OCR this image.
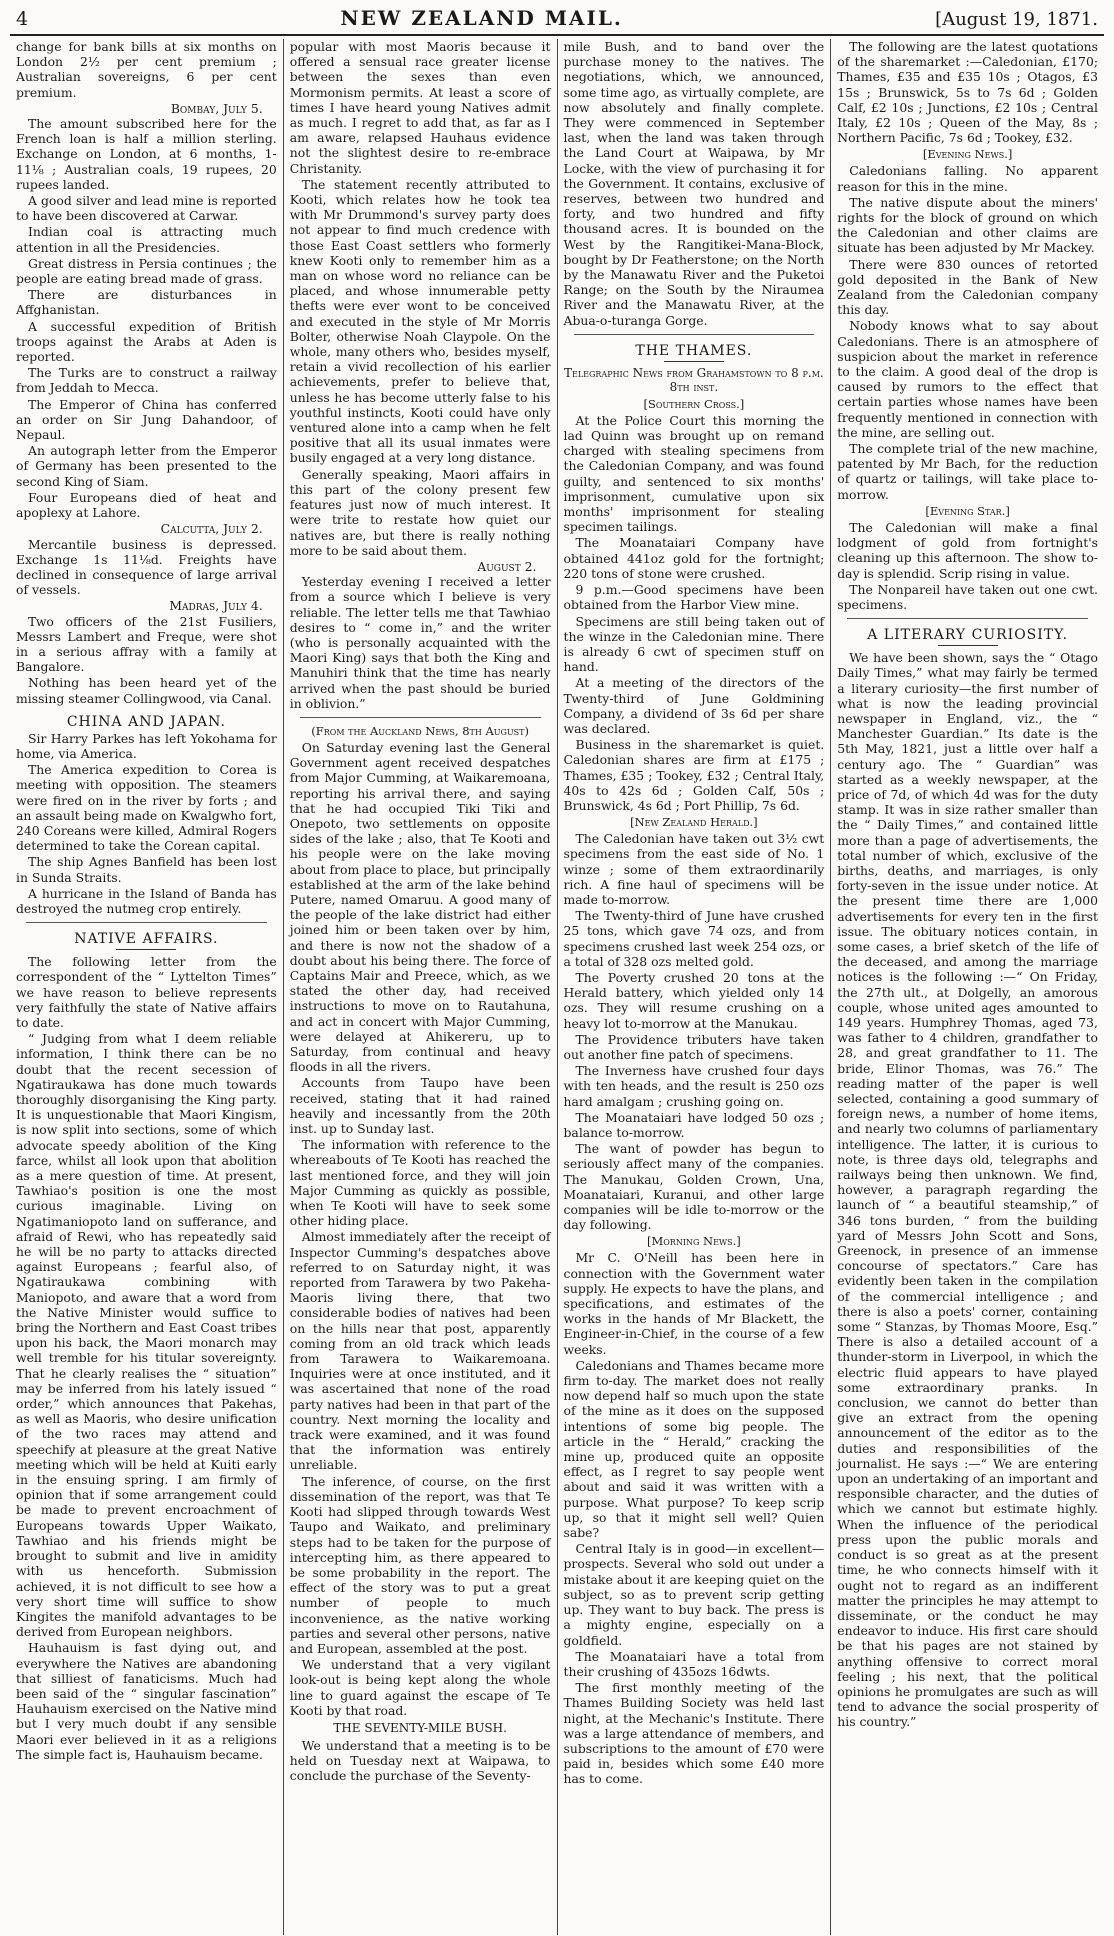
4	NEW ZEALAND MAIL.	[August 19, 1871.

change for bank bills at six months on London 2½ per cent premium ; Australian sovereigns, 6 per cent premium.

Bombay, July 5.

The amount subscribed here for the French loan is half a million sterling. Exchange on London, at 6 months, 1-11⅛ ; Australian coals, 19 rupees, 20 rupees landed.

A good silver and lead mine is reported to have been discovered at Carwar.

Indian coal is attracting much attention in all the Presidencies.

Great distress in Persia continues ; the people are eating bread made of grass.

There are disturbances in Affghanistan.

A successful expedition of British troops against the Arabs at Aden is reported.

The Turks are to construct a railway from Jeddah to Mecca.

The Emperor of China has conferred an order on Sir Jung Dahandoor, of Nepaul.

An autograph letter from the Emperor of Germany has been presented to the second King of Siam.

Four Europeans died of heat and apoplexy at Lahore.

Calcutta, July 2.

Mercantile business is depressed. Exchange 1s 11⅛d. Freights have declined in consequence of large arrival of vessels.

Madras, July 4.

Two officers of the 21st Fusiliers, Messrs Lambert and Freque, were shot in a serious affray with a family at Bangalore.

Nothing has been heard yet of the missing steamer Collingwood, via Canal.

CHINA AND JAPAN.

Sir Harry Parkes has left Yokohama for home, via America.

The America expedition to Corea is meeting with opposition. The steamers were fired on in the river by forts ; and an assault being made on Kwalgwho fort, 240 Coreans were killed, Admiral Rogers determined to take the Corean capital.

The ship Agnes Banfield has been lost in Sunda Straits.

A hurricane in the Island of Banda has destroyed the nutmeg crop entirely.

NATIVE AFFAIRS.

The following letter from the correspondent of the “ Lyttelton Times” we have reason to believe represents very faithfully the state of Native affairs to date.

“ Judging from what I deem reliable information, I think there can be no doubt that the recent secession of Ngatiraukawa has done much towards thoroughly disorganising the King party. It is unquestionable that Maori Kingism, is now split into sections, some of which advocate speedy abolition of the King farce, whilst all look upon that abolition as a mere question of time. At present, Tawhiao's position is one the most curious imaginable. Living on Ngatimaniopoto land on sufferance, and afraid of Rewi, who has repeatedly said he will be no party to attacks directed against Europeans ; fearful also, of Ngatiraukawa combining with Maniopoto, and aware that a word from the Native Minister would suffice to bring the Northern and East Coast tribes upon his back, the Maori monarch may well tremble for his titular sovereignty. That he clearly realises the “ situation” may be inferred from his lately issued “ order,” which announces that Pakehas, as well as Maoris, who desire unification of the two races may attend and speechify at pleasure at the great Native meeting which will be held at Kuiti early in the ensuing spring. I am firmly of opinion that if some arrangement could be made to prevent encroachment of Europeans towards Upper Waikato, Tawhiao and his friends might be brought to submit and live in amidity with us henceforth. Submission achieved, it is not difficult to see how a very short time will suffice to show Kingites the manifold advantages to be derived from European neighbors.

Hauhauism is fast dying out, and everywhere the Natives are abandoning that silliest of fanaticisms. Much had been said of the “ singular fascination” Hauhauism exercised on the Native mind but I very much doubt if any sensible Maori ever believed in it as a religions The simple fact is, Hauhauism became.

popular with most Maoris because it offered a sensual race greater license between the sexes than even Mormonism permits. At least a score of times I have heard young Natives admit as much. I regret to add that, as far as I am aware, relapsed Hauhaus evidence not the slightest desire to re-embrace Christanity.

The statement recently attributed to Kooti, which relates how he took tea with Mr Drummond's survey party does not appear to find much credence with those East Coast settlers who formerly knew Kooti only to remember him as a man on whose word no reliance can be placed, and whose innumerable petty thefts were ever wont to be conceived and executed in the style of Mr Morris Bolter, otherwise Noah Claypole. On the whole, many others who, besides myself, retain a vivid recollection of his earlier achievements, prefer to believe that, unless he has become utterly false to his youthful instincts, Kooti could have only ventured alone into a camp when he felt positive that all its usual inmates were busily engaged at a very long distance.

Generally speaking, Maori affairs in this part of the colony present few features just now of much interest. It were trite to restate how quiet our natives are, but there is really nothing more to be said about them.

August 2.

Yesterday evening I received a letter from a source which I believe is very reliable. The letter tells me that Tawhiao desires to “ come in,” and the writer (who is personally acquainted with the Maori King) says that both the King and Manuhiri think that the time has nearly arrived when the past should be buried in oblivion.”

(From the Auckland News, 8th August)

On Saturday evening last the General Government agent received despatches from Major Cumming, at Waikaremoana, reporting his arrival there, and saying that he had occupied Tiki Tiki and Onepoto, two settlements on opposite sides of the lake ; also, that Te Kooti and his people were on the lake moving about from place to place, but principally established at the arm of the lake behind Putere, named Omaruu. A good many of the people of the lake district had either joined him or been taken over by him, and there is now not the shadow of a doubt about his being there. The force of Captains Mair and Preece, which, as we stated the other day, had received instructions to move on to Rautahuna, and act in concert with Major Cumming, were delayed at Ahikereru, up to Saturday, from continual and heavy floods in all the rivers.

Accounts from Taupo have been received, stating that it had rained heavily and incessantly from the 20th inst. up to Sunday last.

The information with reference to the whereabouts of Te Kooti has reached the last mentioned force, and they will join Major Cumming as quickly as possible, when Te Kooti will have to seek some other hiding place.

Almost immediately after the receipt of Inspector Cumming's despatches above referred to on Saturday night, it was reported from Tarawera by two Pakeha-Maoris living there, that two considerable bodies of natives had been on the hills near that post, apparently coming from an old track which leads from Tarawera to Waikaremoana. Inquiries were at once instituted, and it was ascertained that none of the road party natives had been in that part of the country. Next morning the locality and track were examined, and it was found that the information was entirely unreliable.

The inference, of course, on the first dissemination of the report, was that Te Kooti had slipped through towards West Taupo and Waikato, and preliminary steps had to be taken for the purpose of intercepting him, as there appeared to be some probability in the report. The effect of the story was to put a great number of people to much inconvenience, as the native working parties and several other persons, native and European, assembled at the post.

We understand that a very vigilant look-out is being kept along the whole line to guard against the escape of Te Kooti by that road.

THE SEVENTY-MILE BUSH.

We understand that a meeting is to be held on Tuesday next at Waipawa, to conclude the purchase of the Seventy-

mile Bush, and to band over the purchase money to the natives. The negotiations, which, we announced, some time ago, as virtually complete, are now absolutely and finally complete. They were commenced in September last, when the land was taken through the Land Court at Waipawa, by Mr Locke, with the view of purchasing it for the Government. It contains, exclusive of reserves, between two hundred and forty, and two hundred and fifty thousand acres. It is bounded on the West by the Rangitikei-Mana-Block, bought by Dr Featherstone; on the North by the Manawatu River and the Puketoi Range; on the South by the Niraumea River and the Manawatu River, at the Abua-o-turanga Gorge.

THE THAMES.
Telegraphic News from Grahamstown to 8 p.m. 8th inst.
[Southern Cross.]

At the Police Court this morning the lad Quinn was brought up on remand charged with stealing specimens from the Caledonian Company, and was found guilty, and sentenced to six months' imprisonment, cumulative upon six months' imprisonment for stealing specimen tailings.

The Moanataiari Company have obtained 441oz gold for the fortnight; 220 tons of stone were crushed.

9 p.m.—Good specimens have been obtained from the Harbor View mine.

Specimens are still being taken out of the winze in the Caledonian mine. There is already 6 cwt of specimen stuff on hand.

At a meeting of the directors of the Twenty-third of June Goldmining Company, a dividend of 3s 6d per share was declared.

Business in the sharemarket is quiet. Caledonian shares are firm at £175 ; Thames, £35 ; Tookey, £32 ; Central Italy, 40s to 42s 6d ; Golden Calf, 50s ; Brunswick, 4s 6d ; Port Phillip, 7s 6d.

[New Zealand Herald.]

The Caledonian have taken out 3½ cwt specimens from the east side of No. 1 winze ; some of them extraordinarily rich. A fine haul of specimens will be made to-morrow.

The Twenty-third of June have crushed 25 tons, which gave 74 ozs, and from specimens crushed last week 254 ozs, or a total of 328 ozs melted gold.

The Poverty crushed 20 tons at the Herald battery, which yielded only 14 ozs. They will resume crushing on a heavy lot to-morrow at the Manukau.

The Providence tributers have taken out another fine patch of specimens.

The Inverness have crushed four days with ten heads, and the result is 250 ozs hard amalgam ; crushing going on.

The Moanataiari have lodged 50 ozs ; balance to-morrow.

The want of powder has begun to seriously affect many of the companies. The Manukau, Golden Crown, Una, Moanataiari, Kuranui, and other large companies will be idle to-morrow or the day following.

[Morning News.]

Mr C. O'Neill has been here in connection with the Government water supply. He expects to have the plans, and specifications, and estimates of the works in the hands of Mr Blackett, the Engineer-in-Chief, in the course of a few weeks.

Caledonians and Thames became more firm to-day. The market does not really now depend half so much upon the state of the mine as it does on the supposed intentions of some big people. The article in the “ Herald,” cracking the mine up, produced quite an opposite effect, as I regret to say people went about and said it was written with a purpose. What purpose? To keep scrip up, so that it might sell well? Quien sabe?

Central Italy is in good—in excellent—prospects. Several who sold out under a mistake about it are keeping quiet on the subject, so as to prevent scrip getting up. They want to buy back. The press is a mighty engine, especially on a goldfield.

The Moanataiari have a total from their crushing of 435ozs 16dwts.

The first monthly meeting of the Thames Building Society was held last night, at the Mechanic's Institute. There was a large attendance of members, and subscriptions to the amount of £70 were paid in, besides which some £40 more has to come.

The following are the latest quotations of the sharemarket :—Caledonian, £170; Thames, £35 and £35 10s ; Otagos, £3 15s ; Brunswick, 5s to 7s 6d ; Golden Calf, £2 10s ; Junctions, £2 10s ; Central Italy, £2 10s ; Queen of the May, 8s ; Northern Pacific, 7s 6d ; Tookey, £32.

[Evening News.]

Caledonians falling. No apparent reason for this in the mine.

The native dispute about the miners' rights for the block of ground on which the Caledonian and other claims are situate has been adjusted by Mr Mackey.

There were 830 ounces of retorted gold deposited in the Bank of New Zealand from the Caledonian company this day.

Nobody knows what to say about Caledonians. There is an atmosphere of suspicion about the market in reference to the claim. A good deal of the drop is caused by rumors to the effect that certain parties whose names have been frequently mentioned in connection with the mine, are selling out.

The complete trial of the new machine, patented by Mr Bach, for the reduction of quartz or tailings, will take place to-morrow.

[Evening Star.]

The Caledonian will make a final lodgment of gold from fortnight's cleaning up this afternoon. The show to-day is splendid. Scrip rising in value.

The Nonpareil have taken out one cwt. specimens.

A LITERARY CURIOSITY.

We have been shown, says the “ Otago Daily Times,” what may fairly be termed a literary curiosity—the first number of what is now the leading provincial newspaper in England, viz., the “ Manchester Guardian.” Its date is the 5th May, 1821, just a little over half a century ago. The “ Guardian” was started as a weekly newspaper, at the price of 7d, of which 4d was for the duty stamp. It was in size rather smaller than the “ Daily Times,” and contained little more than a page of advertisements, the total number of which, exclusive of the births, deaths, and marriages, is only forty-seven in the issue under notice. At the present time there are 1,000 advertisements for every ten in the first issue. The obituary notices contain, in some cases, a brief sketch of the life of the deceased, and among the marriage notices is the following :—“ On Friday, the 27th ult., at Dolgelly, an amorous couple, whose united ages amounted to 149 years. Humphrey Thomas, aged 73, was father to 4 children, grandfather to 28, and great grandfather to 11. The bride, Elinor Thomas, was 76.” The reading matter of the paper is well selected, containing a good summary of foreign news, a number of home items, and nearly two columns of parliamentary intelligence. The latter, it is curious to note, is three days old, telegraphs and railways being then unknown. We find, however, a paragraph regarding the launch of “ a beautiful steamship,” of 346 tons burden, “ from the building yard of Messrs John Scott and Sons, Greenock, in presence of an immense concourse of spectators.” Care has evidently been taken in the compilation of the commercial intelligence ; and there is also a poets' corner, containing some “ Stanzas, by Thomas Moore, Esq.” There is also a detailed account of a thunder-storm in Liverpool, in which the electric fluid appears to have played some extraordinary pranks. In conclusion, we cannot do better than give an extract from the opening announcement of the editor as to the duties and responsibilities of the journalist. He says :—“ We are entering upon an undertaking of an important and responsible character, and the duties of which we cannot but estimate highly. When the influence of the periodical press upon the public morals and conduct is so great as at the present time, he who connects himself with it ought not to regard as an indifferent matter the principles he may attempt to disseminate, or the conduct he may endeavor to induce. His first care should be that his pages are not stained by anything offensive to correct moral feeling ; his next, that the political opinions he promulgates are such as will tend to advance the social prosperity of his country.”
